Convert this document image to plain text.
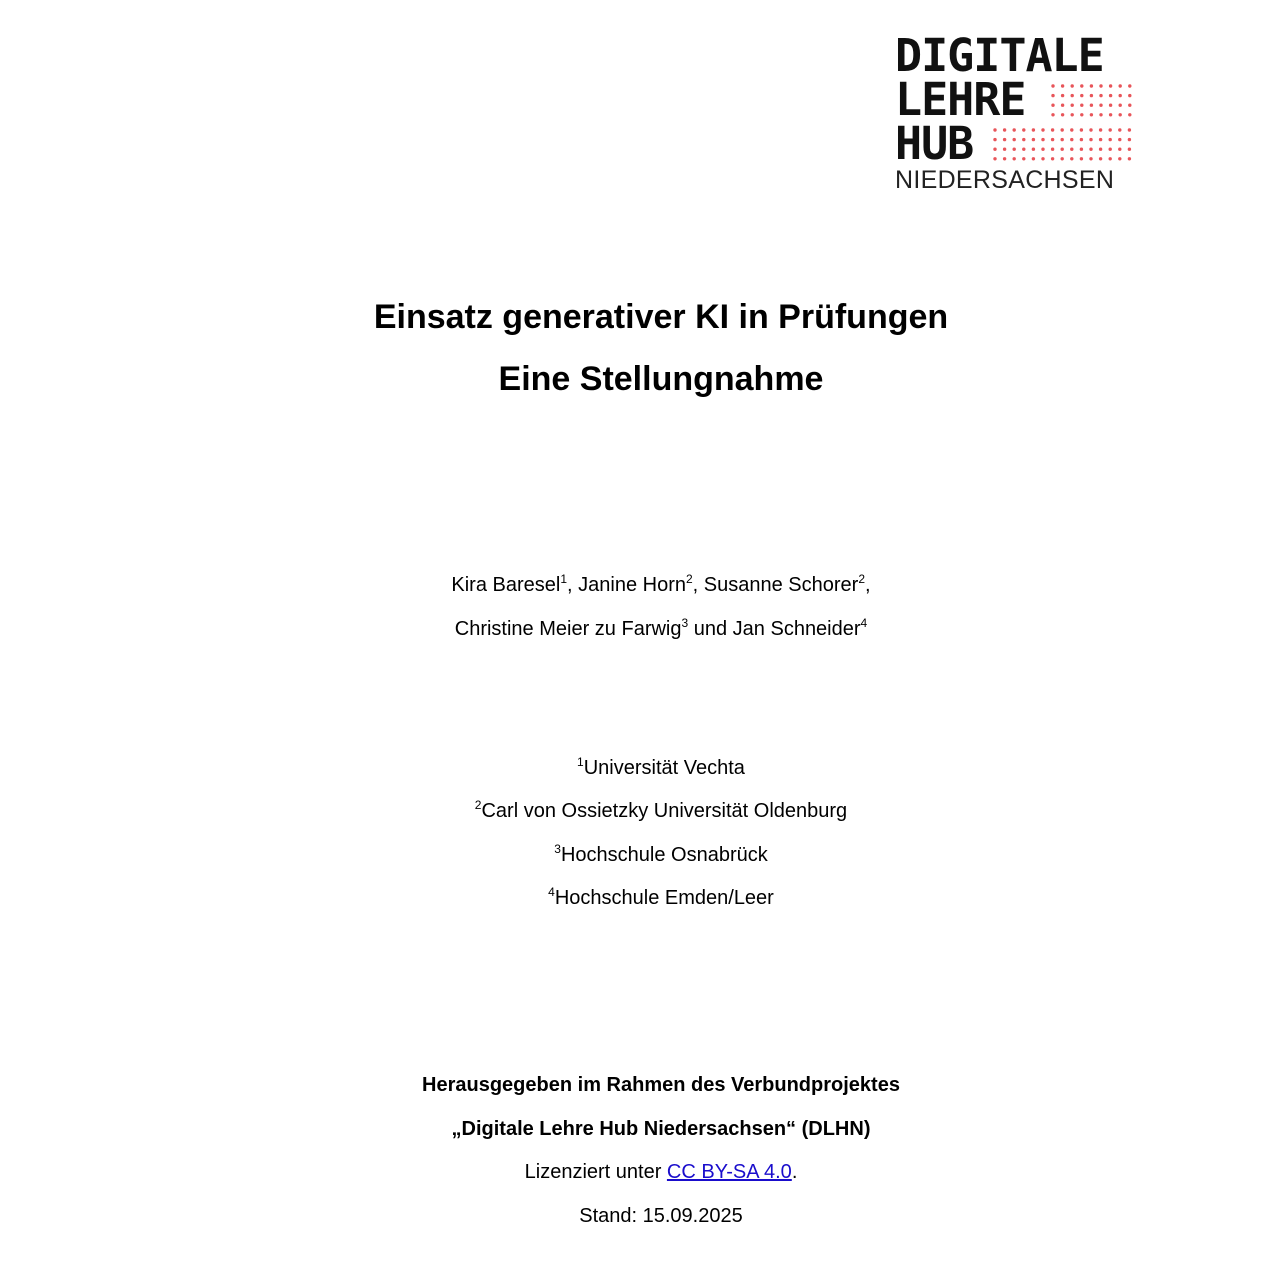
DIGITALE
LEHRE
HUB
NIEDERSACHSEN
Einsatz generativer KI in Prüfungen
Eine Stellungnahme
Kira Baresel$^1$, Janine Horn$^2$, Susanne Schorer$^2$,
Christine Meier zu Farwig$^3$ und Jan Schneider$^4$
$^1$Universität Vechta
$^2$Carl von Ossietzky Universität Oldenburg
$^3$Hochschule Osnabrück
$^4$Hochschule Emden/Leer
Herausgegeben im Rahmen des Verbundprojektes
„Digitale Lehre Hub Niedersachsen“ (DLHN)
Lizenziert unter CC BY-SA 4.0.
Stand: 15.09.2025
